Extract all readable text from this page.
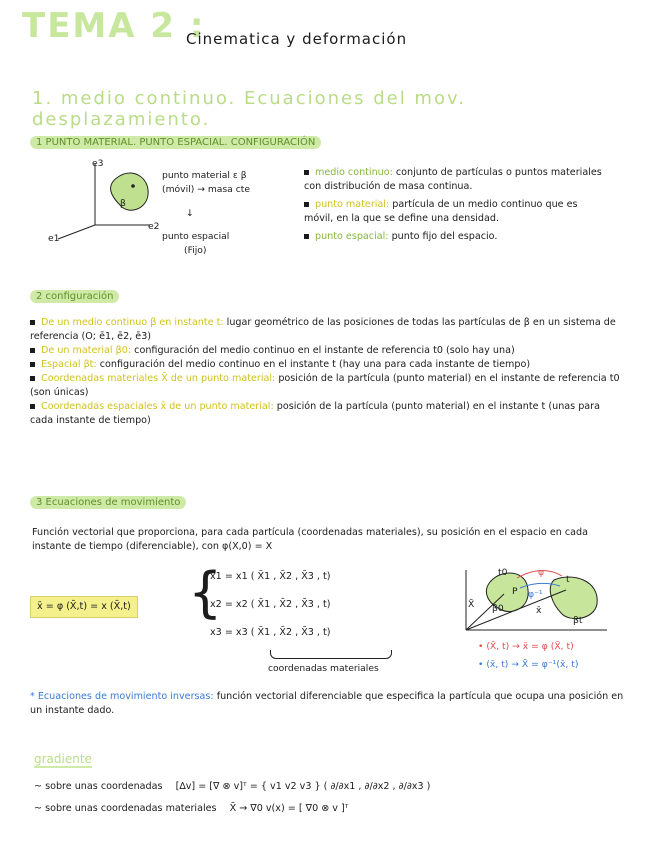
TEMA 2 :
Cinematica y deformación
1. medio continuo. Ecuaciones del mov. desplazamiento.
1 PUNTO MATERIAL. PUNTO ESPACIAL. CONFIGURACIÓN
e3
e2
e1
β
punto material ε β
(móvil) → masa cte
↓
punto espacial
(Fijo)
medio continuo: conjunto de partículas o puntos materiales con distribución de masa continua.
punto material: partícula de un medio continuo que es móvil, en la que se define una densidad.
punto espacial: punto fijo del espacio.
2 configuración
De un medio continuo β en instante t: lugar geométrico de las posiciones de todas las partículas de β en un sistema de referencia (O; ē1, ē2, ē3)
De un material β0: configuración del medio continuo en el instante de referencia t0 (solo hay una)
Espacial βt: configuración del medio continuo en el instante t (hay una para cada instante de tiempo)
Coordenadas materiales X̄ de un punto material: posición de la partícula (punto material) en el instante de referencia t0 (son únicas)
Coordenadas espaciales x̄ de un punto material: posición de la partícula (punto material) en el instante t (unas para cada instante de tiempo)
3 Ecuaciones de movimiento
Función vectorial que proporciona, para cada partícula (coordenadas materiales), su posición en el espacio en cada instante de tiempo (diferenciable), con φ(X,0) = X
x̄ = φ (X̄,t) = x (X̄,t) {
x1 = x1 ( X̄1 , X̄2 , X̄3 , t)
x2 = x2 ( X̄1 , X̄2 , X̄3 , t)
x3 = x3 ( X̄1 , X̄2 , X̄3 , t)
coordenadas materiales
t0
t
φ
φ⁻¹
P
X̄
x̄
β0
βt
• (X̄, t) → x̄ = φ (X̄, t)
• (x̄, t) → X̄ = φ⁻¹(x̄, t)
* Ecuaciones de movimiento inversas: función vectorial diferenciable que especifica la partícula que ocupa una posición en un instante dado.
gradiente
~ sobre unas coordenadas [∆v] = [∇ ⊗ v]ᵀ = { v1 v2 v3 } ( ∂/∂x1 , ∂/∂x2 , ∂/∂x3 )
~ sobre unas coordenadas materiales X̄ → ∇0 v(x) = [ ∇0 ⊗ v ]ᵀ
